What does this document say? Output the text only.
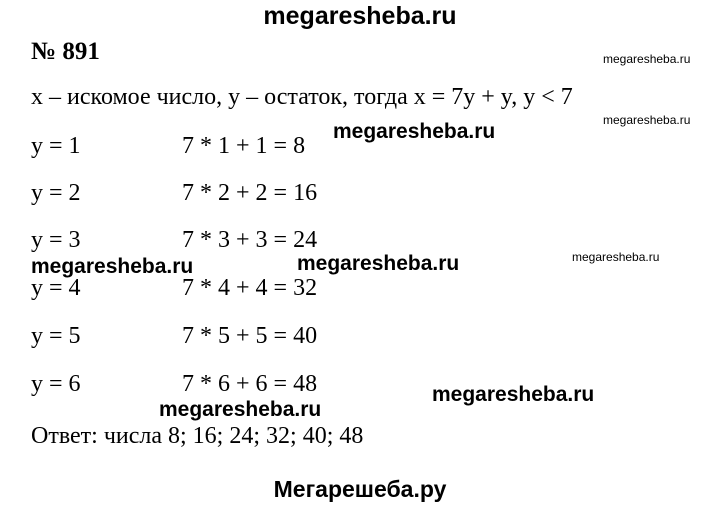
megaresheba.ru
megaresheba.ru
megaresheba.ru
megaresheba.ru
megaresheba.ru
megaresheba.ru	megaresheba.ru
megaresheba.ru
megaresheba.ru
№ 891
x – искомое число, y – остаток, тогда x = 7y + y, y < 7
y = 1	7 * 1 + 1 = 8
y = 2	7 * 2 + 2 = 16
y = 3	7 * 3 + 3 = 24
y = 4	7 * 4 + 4 = 32
y = 5	7 * 5 + 5 = 40
y = 6	7 * 6 + 6 = 48
Ответ: числа 8; 16; 24; 32; 40; 48
Мегарешеба.ру
